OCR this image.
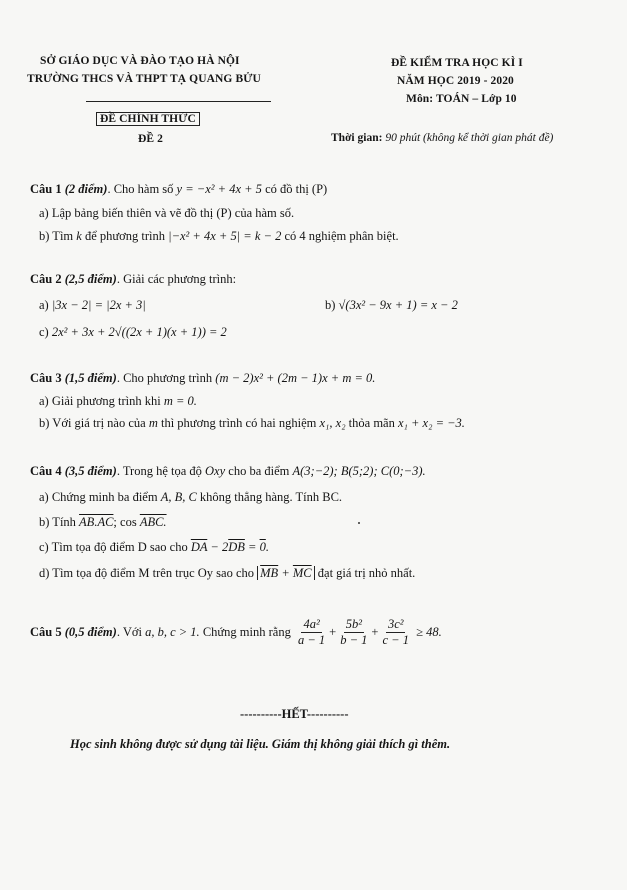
SỞ GIÁO DỤC VÀ ĐÀO TẠO HÀ NỘI
TRƯỜNG THCS VÀ THPT TẠ QUANG BỬU
ĐỀ CHÍNH THỨC
ĐỀ 2
ĐỀ KIỂM TRA HỌC KÌ I
NĂM HỌC 2019 - 2020
Môn: TOÁN – Lớp 10
Thời gian: 90 phút (không kể thời gian phát đề)
Câu 1 (2 điểm). Cho hàm số y = −x² + 4x + 5 có đồ thị (P)
a) Lập bảng biến thiên và vẽ đồ thị (P) của hàm số.
b) Tìm k để phương trình |−x² + 4x + 5| = k − 2 có 4 nghiệm phân biệt.
Câu 2 (2,5 điểm). Giải các phương trình:
a) |3x − 2| = |2x + 3|	b) √(3x² − 9x + 1) = x − 2
c) 2x² + 3x + 2√((2x + 1)(x + 1)) = 2
Câu 3 (1,5 điểm). Cho phương trình (m − 2)x² + (2m − 1)x + m = 0.
a) Giải phương trình khi m = 0.
b) Với giá trị nào của m thì phương trình có hai nghiệm x₁, x₂ thỏa mãn x₁ + x₂ = −3.
Câu 4 (3,5 điểm). Trong hệ tọa độ Oxy cho ba điểm A(3;−2); B(5;2); C(0;−3).
a) Chứng minh ba điểm A, B, C không thẳng hàng. Tính BC.
b) Tính AB.AC; cos ABC.
c) Tìm tọa độ điểm D sao cho $\overline{DA} - 2\overline{DB} = 0$.
d) Tìm tọa độ điểm M trên trục Oy sao cho $\overline{MB} + \overline{MC}$ đạt giá trị nhỏ nhất.
Câu 5
(0,5 điểm) . Với
a, b, c > 1.
Chứng minh rằng
$\frac{\text{4a²}}{a - 1} + \frac{\text{5b²}}{b - 1} + \frac{\text{3c²}}{c - 1}$
≥ 48.
----------HẾT----------
Học sinh không được sử dụng tài liệu. Giám thị không giải thích gì thêm.
